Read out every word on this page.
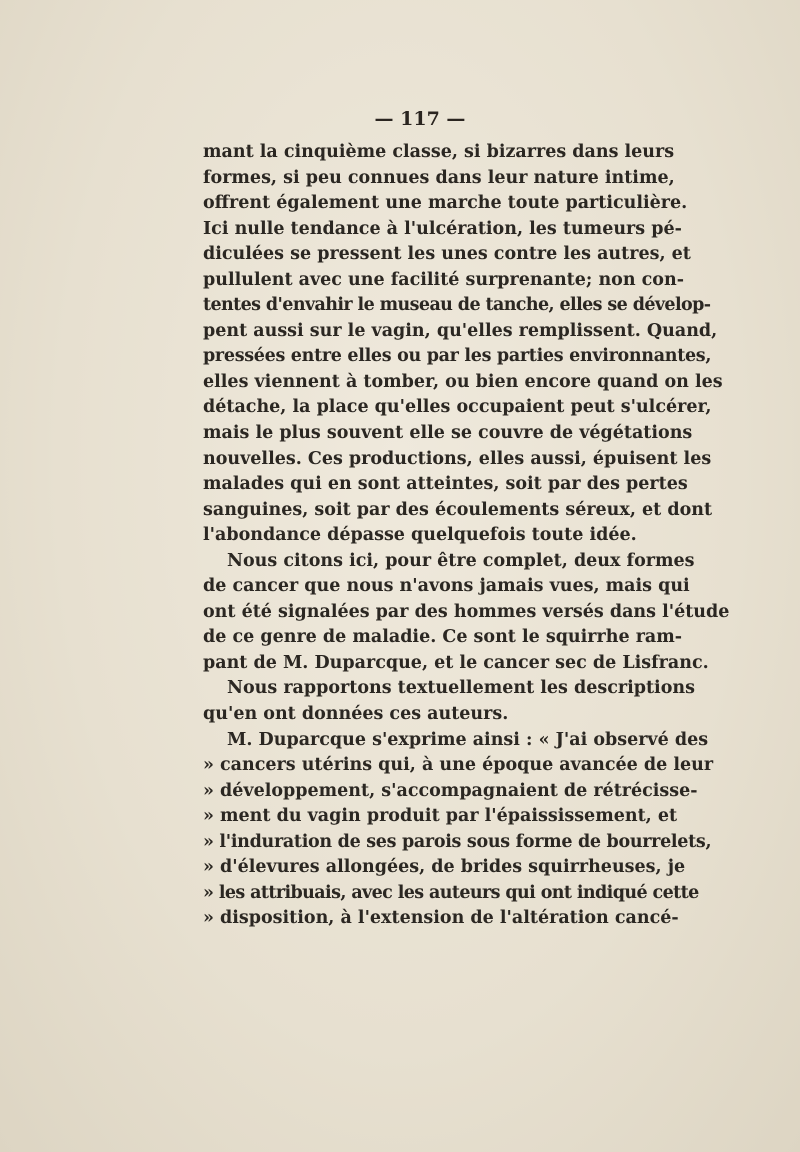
— 117 —
mant la cinquième classe, si bizarres dans leurs
formes, si peu connues dans leur nature intime,
offrent également une marche toute particulière.
Ici nulle tendance à l'ulcération, les tumeurs pé-
diculées se pressent les unes contre les autres, et
pullulent avec une facilité surprenante; non con-
tentes d'envahir le museau de tanche, elles se dévelop-
pent aussi sur le vagin, qu'elles remplissent. Quand,
pressées entre elles ou par les parties environnantes,
elles viennent à tomber, ou bien encore quand on les
détache, la place qu'elles occupaient peut s'ulcérer,
mais le plus souvent elle se couvre de végétations
nouvelles. Ces productions, elles aussi, épuisent les
malades qui en sont atteintes, soit par des pertes
sanguines, soit par des écoulements séreux, et dont
l'abondance dépasse quelquefois toute idée.
Nous citons ici, pour être complet, deux formes
de cancer que nous n'avons jamais vues, mais qui
ont été signalées par des hommes versés dans l'étude
de ce genre de maladie. Ce sont le squirrhe ram-
pant de M. Duparcque, et le cancer sec de Lisfranc.
Nous rapportons textuellement les descriptions
qu'en ont données ces auteurs.
M. Duparcque s'exprime ainsi : « J'ai observé des
» cancers utérins qui, à une époque avancée de leur
» développement, s'accompagnaient de rétrécisse-
» ment du vagin produit par l'épaississement, et
» l'induration de ses parois sous forme de bourrelets,
» d'élevures allongées, de brides squirrheuses, je
» les attribuais, avec les auteurs qui ont indiqué cette
» disposition, à l'extension de l'altération cancé-
